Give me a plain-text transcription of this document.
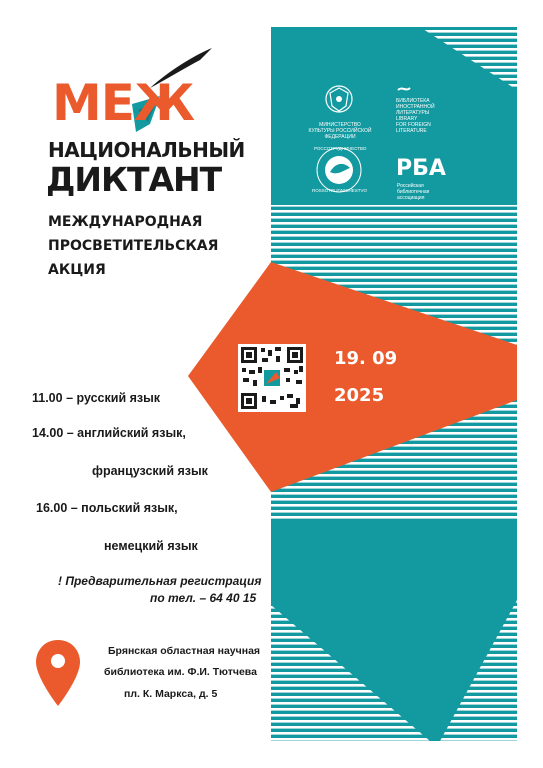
МЕЖ
НАЦИОНАЛЬНЫЙ
ДИКТАНТ
МЕЖДУНАРОДНАЯ
ПРОСВЕТИТЕЛЬСКАЯ
АКЦИЯ
МИНИСТЕРСТВО КУЛЬТУРЫ РОССИЙСКОЙ ФЕДЕРАЦИИ
БИБЛИОТЕКА
ИНОСТРАННОЙ
ЛИТЕРАТУРЫ
LIBRARY
FOR FOREIGN
LITERATURE
РОССОТРУДНИЧЕСТВО
ROSSOTRUDNICHESTVO
РБА
Российская
библиотечная
ассоциация
19. 09
2025
11.00 – русский язык
14.00 – английский язык,
французский язык
16.00 – польский язык,
немецкий язык
! Предварительная регистрация
по тел. – 64 40 15
Брянская областная научная
библиотека им. Ф.И. Тютчева
пл. К. Маркса, д. 5
